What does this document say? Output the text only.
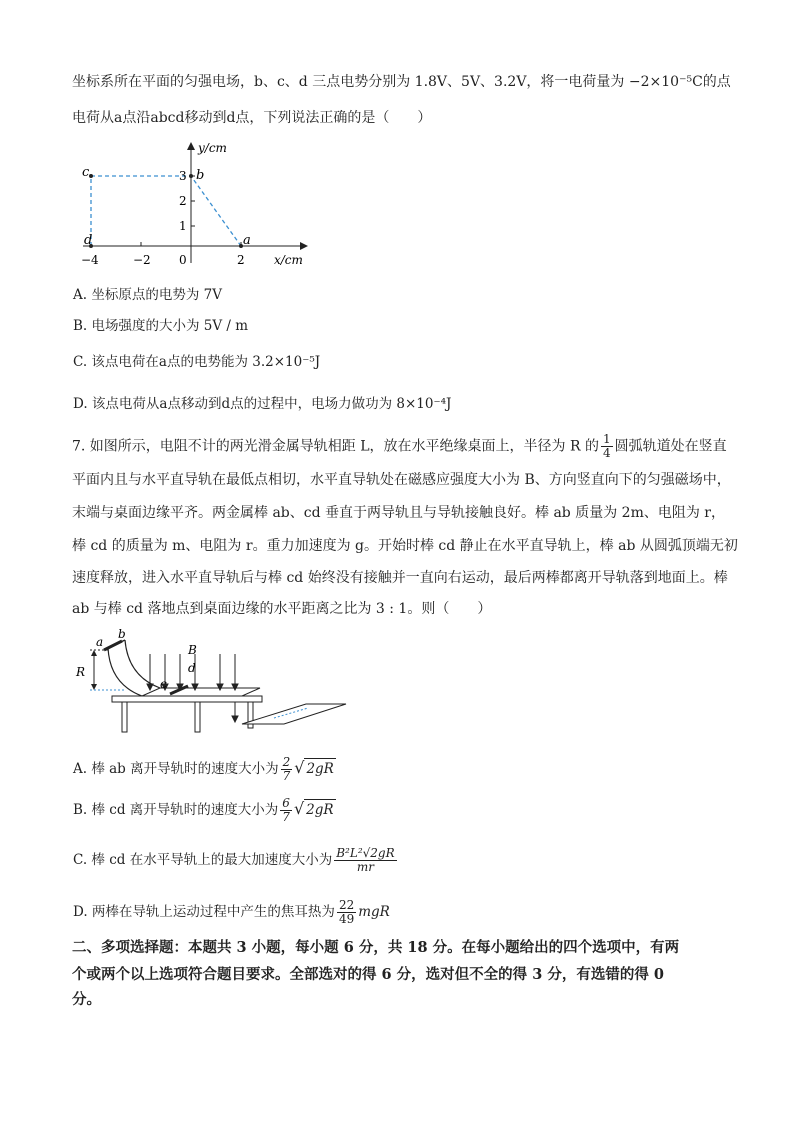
坐标系所在平面的匀强电场，b、c、d 三点电势分别为 1.8V、5V、3.2V，将一电荷量为 −2×10⁻⁵C的点
电荷从a点沿abcd移动到d点，下列说法正确的是（　　）
y/cm
x/cm
c	b
d	a
3
2
1
−4	−2 0	2
A. 坐标原点的电势为 7V
B. 电场强度的大小为 5V / m
C. 该点电荷在a点的电势能为 3.2×10⁻⁵J
D. 该点电荷从a点移动到d点的过程中，电场力做功为 8×10⁻⁴J
7. 如图所示，电阻不计的两光滑金属导轨相距 L，放在水平绝缘桌面上，半径为 R 的 $\frac{1}{4}$ 圆弧轨道处在竖直
平面内且与水平直导轨在最低点相切，水平直导轨处在磁感应强度大小为 B、方向竖直向下的匀强磁场中，
末端与桌面边缘平齐。两金属棒 ab、cd 垂直于两导轨且与导轨接触良好。棒 ab 质量为 2m、电阻为 r，
棒 cd 的质量为 m、电阻为 r。重力加速度为 g。开始时棒 cd 静止在水平直导轨上，棒 ab 从圆弧顶端无初
速度释放，进入水平直导轨后与棒 cd 始终没有接触并一直向右运动，最后两棒都离开导轨落到地面上。棒
ab 与棒 cd 落地点到桌面边缘的水平距离之比为 3 : 1。则（　　）
R
a
b
B
c
d
A. 棒 ab 离开导轨时的速度大小为 $\frac{2}{7}$ √ 2gR
B. 棒 cd 离开导轨时的速度大小为 $\frac{6}{7}$ √ 2gR
C. 棒 cd 在水平导轨上的最大加速度大小为 $\frac{\text{B²L²√2gR}}{mr}$
D. 两棒在导轨上运动过程中产生的焦耳热为 $\frac{22}{49}$ mgR
二、多项选择题：本题共 3 小题，每小题 6 分，共 18 分。在每小题给出的四个选项中，有两
个或两个以上选项符合题目要求。全部选对的得 6 分，选对但不全的得 3 分，有选错的得 0
分。
